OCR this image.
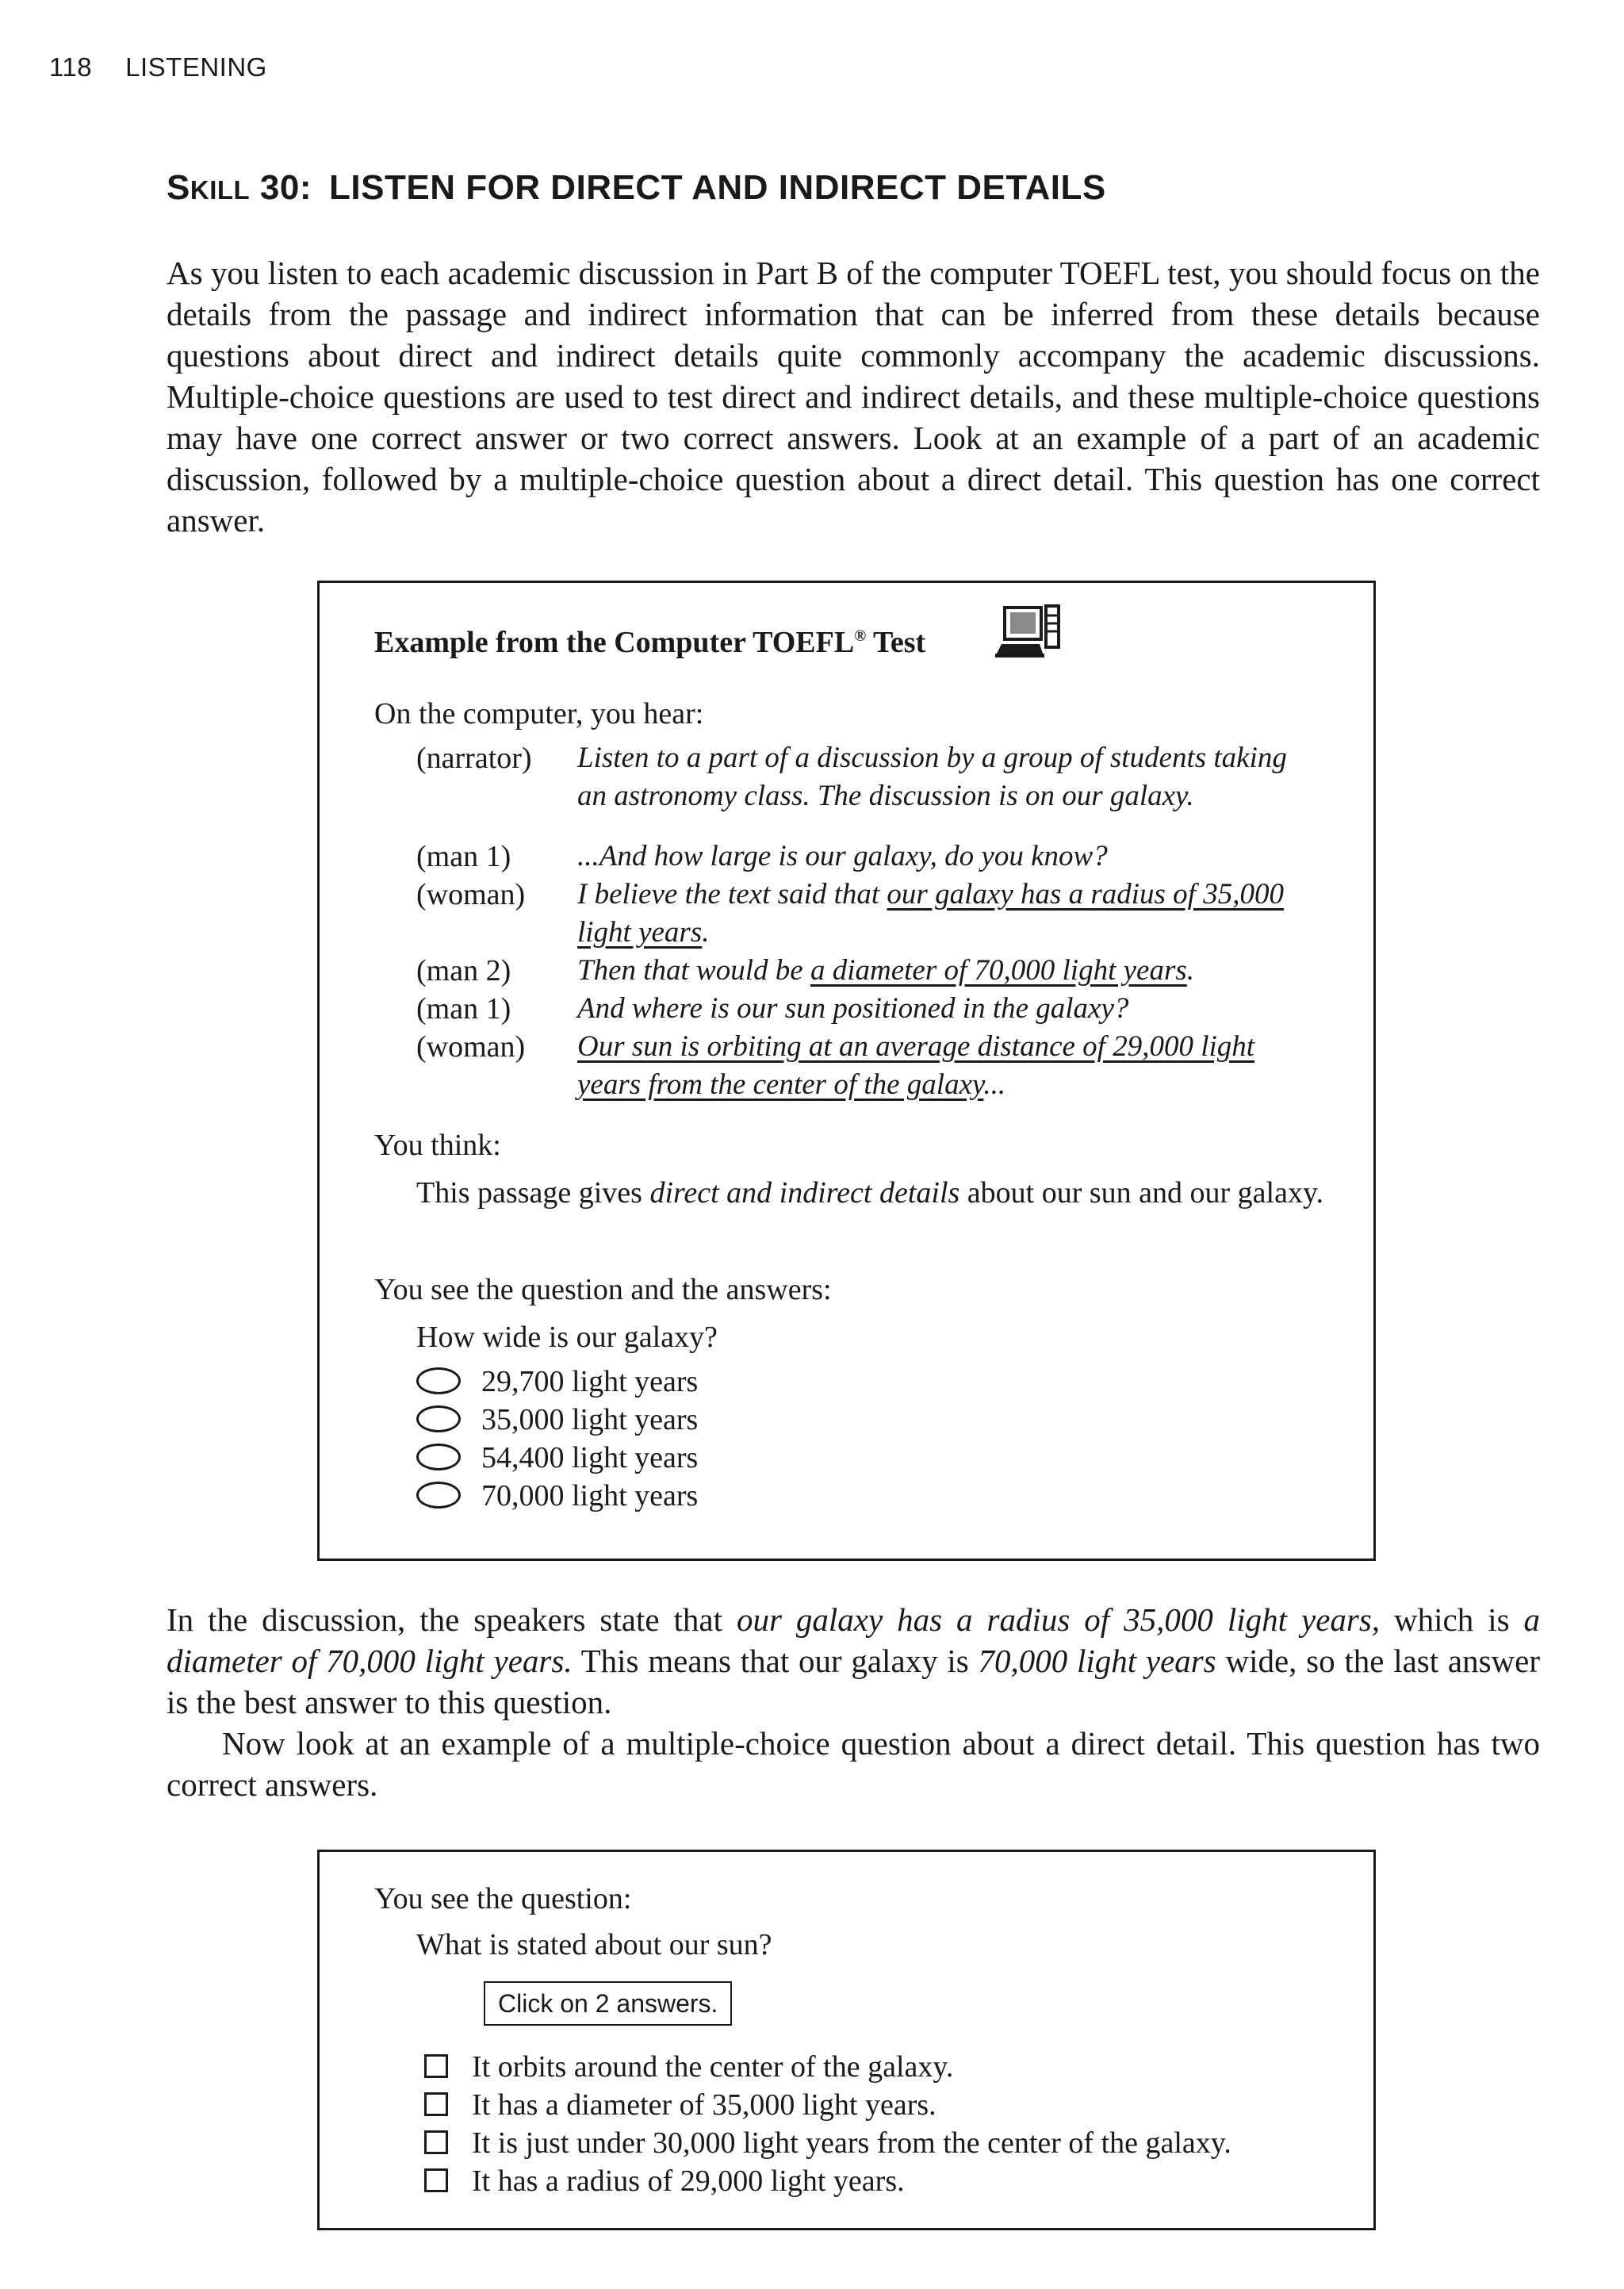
118 LISTENING
SKILL 30: LISTEN FOR DIRECT AND INDIRECT DETAILS

As you listen to each academic discussion in Part B of the computer TOEFL test, you should focus on the details from the passage and indirect information that can be inferred from these details because questions about direct and indirect details quite commonly accompany the academic discussions. Multiple-choice questions are used to test direct and indirect details, and these multiple-choice questions may have one correct answer or two correct answers. Look at an example of a part of an academic discussion, followed by a multiple-choice question about a direct detail. This question has one correct answer.

Example from the Computer TOEFL® Test
On the computer, you hear:
(narrator) Listen to a part of a discussion by a group of students taking
an astronomy class. The discussion is on our galaxy.
(man 1) ...And how large is our galaxy, do you know?
(woman) I believe the text said that our galaxy has a radius of 35,000
light years.
(man 2) Then that would be a diameter of 70,000 light years.
(man 1) And where is our sun positioned in the galaxy?
(woman) Our sun is orbiting at an average distance of 29,000 light
years from the center of the galaxy...
You think:
This passage gives direct and indirect details about our sun and our galaxy.
You see the question and the answers:
How wide is our galaxy?
29,700 light years
35,000 light years
54,400 light years
70,000 light years

In the discussion, the speakers state that our galaxy has a radius of 35,000 light years, which is a diameter of 70,000 light years. This means that our galaxy is 70,000 light years wide, so the last answer is the best answer to this question.

Now look at an example of a multiple-choice question about a direct detail. This question has two correct answers.

You see the question:
What is stated about our sun?
Click on 2 answers.
It orbits around the center of the galaxy.
It has a diameter of 35,000 light years.
It is just under 30,000 light years from the center of the galaxy.
It has a radius of 29,000 light years.
